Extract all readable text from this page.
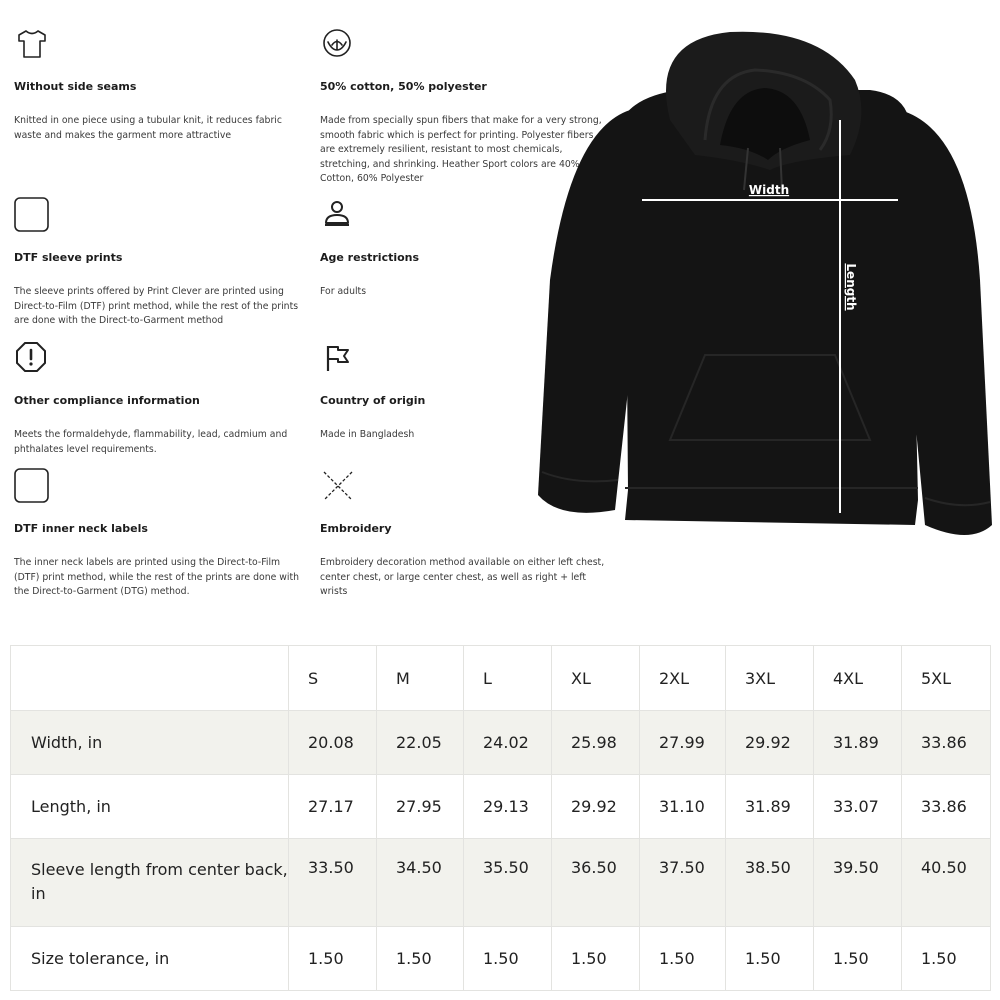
Without side seams

Knitted in one piece using a tubular knit, it reduces fabric waste and makes the garment more attractive

50% cotton, 50% polyester

Made from specially spun fibers that make for a very strong, smooth fabric which is perfect for printing. Polyester fibers are extremely resilient, resistant to most chemicals, stretching, and shrinking. Heather Sport colors are 40% Cotton, 60% Polyester

DTF sleeve prints

The sleeve prints offered by Print Clever are printed using Direct-to-Film (DTF) print method, while the rest of the prints are done with the Direct-to-Garment method

Age restrictions

For adults

Other compliance information

Meets the formaldehyde, flammability, lead, cadmium and phthalates level requirements.

Country of origin

Made in Bangladesh

DTF inner neck labels

The inner neck labels are printed using the Direct-to-Film (DTF) print method, while the rest of the prints are done with the Direct-to-Garment (DTG) method.

Embroidery

Embroidery decoration method available on either left chest, center chest, or large center chest, as well as right + left wrists

Width
Length
	S	M	L	XL	2XL	3XL	4XL	5XL
Width, in	20.08	22.05	24.02	25.98	27.99	29.92	31.89	33.86
Length, in	27.17	27.95	29.13	29.92	31.10	31.89	33.07	33.86
Sleeve length from center back, in	33.50	34.50	35.50	36.50	37.50	38.50	39.50	40.50
Size tolerance, in	1.50	1.50	1.50	1.50	1.50	1.50	1.50	1.50
